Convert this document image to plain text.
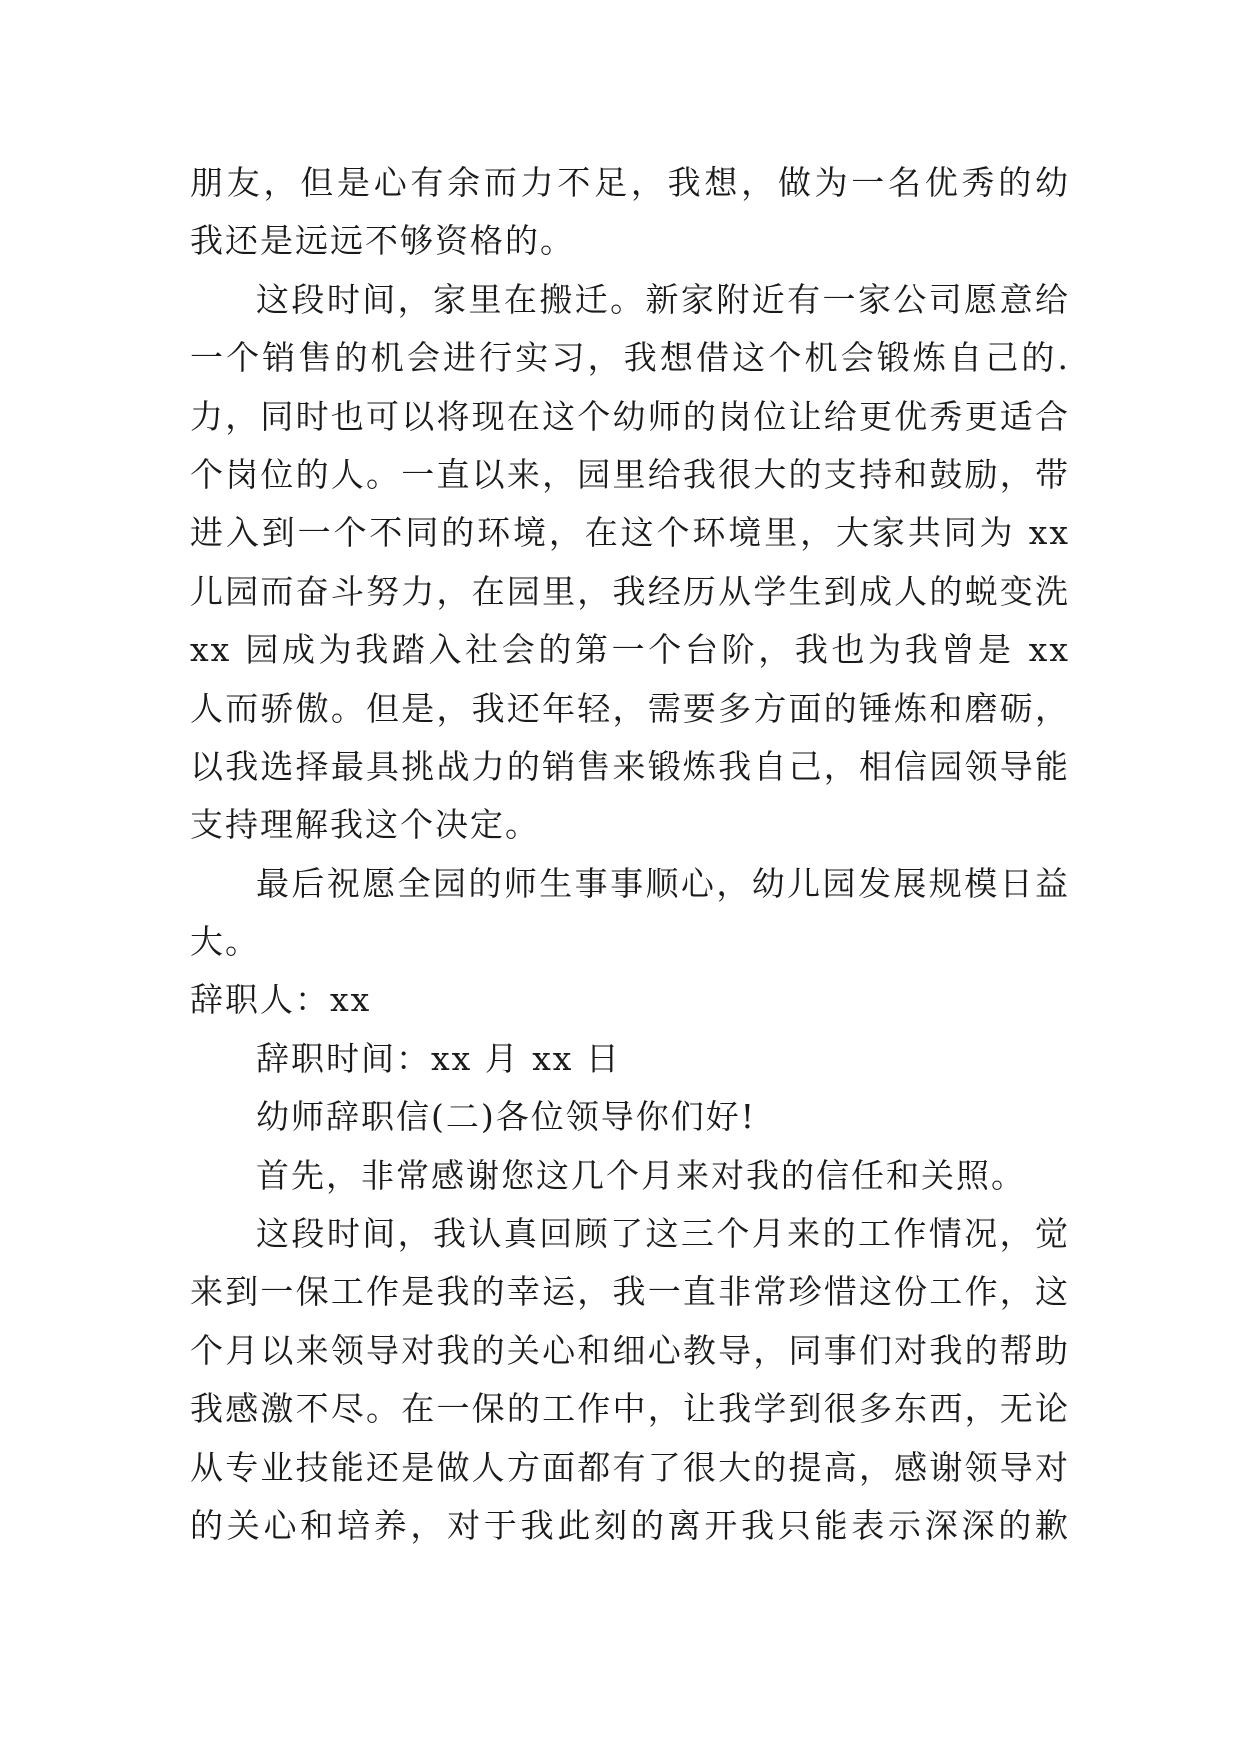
朋友，但是心有余而力不足，我想，做为一名优秀的幼
我还是远远不够资格的。
这段时间，家里在搬迁。新家附近有一家公司愿意给
一个销售的机会进行实习，我想借这个机会锻炼自己的.
力，同时也可以将现在这个幼师的岗位让给更优秀更适合
个岗位的人。一直以来，园里给我很大的支持和鼓励，带
进入到一个不同的环境，在这个环境里，大家共同为 xx
儿园而奋斗努力，在园里，我经历从学生到成人的蜕变洗
xx 园成为我踏入社会的第一个台阶，我也为我曾是 xx
人而骄傲。但是，我还年轻，需要多方面的锤炼和磨砺，
以我选择最具挑战力的销售来锻炼我自己，相信园领导能
支持理解我这个决定。
最后祝愿全园的师生事事顺心，幼儿园发展规模日益
大。
辞职人：xx
辞职时间：xx 月 xx 日
幼师辞职信(二)各位领导你们好!
首先，非常感谢您这几个月来对我的信任和关照。
这段时间，我认真回顾了这三个月来的工作情况，觉
来到一保工作是我的幸运，我一直非常珍惜这份工作，这
个月以来领导对我的关心和细心教导，同事们对我的帮助
我感激不尽。在一保的工作中，让我学到很多东西，无论
从专业技能还是做人方面都有了很大的提高，感谢领导对
的关心和培养，对于我此刻的离开我只能表示深深的歉
